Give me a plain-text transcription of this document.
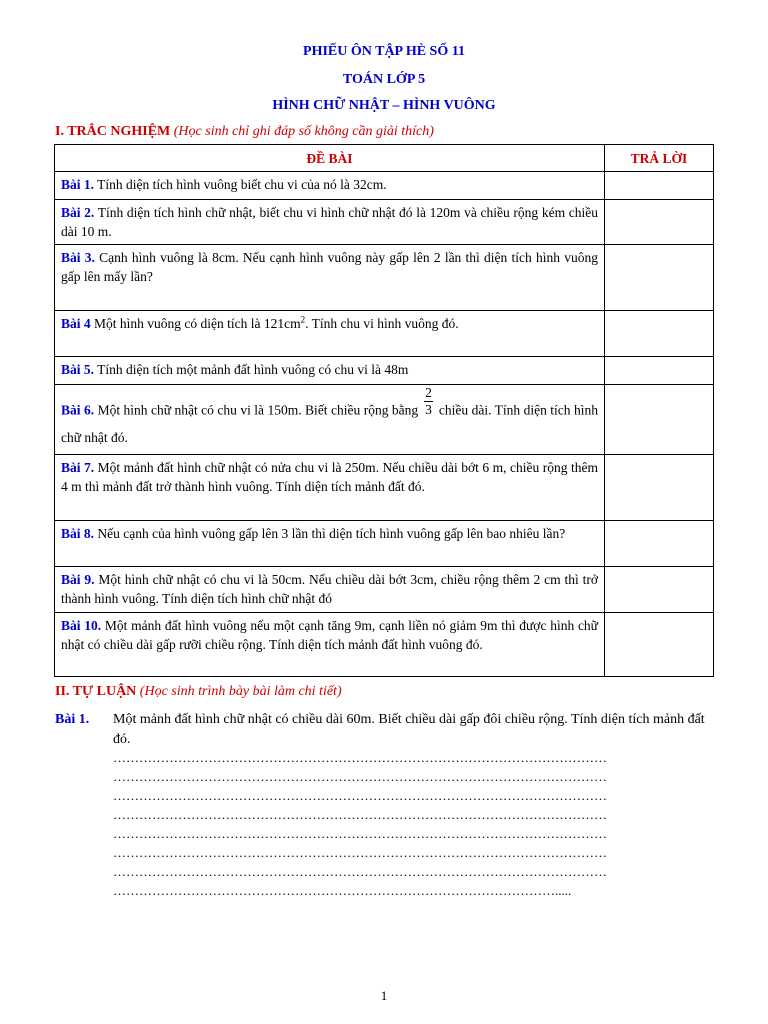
PHIẾU ÔN TẬP HÈ SỐ 11
TOÁN LỚP 5
HÌNH CHỮ NHẬT – HÌNH VUÔNG
I. TRẮC NGHIỆM (Học sinh chỉ ghi đáp số không cần giải thích)
ĐỀ BÀI	TRẢ LỜI
Bài 1. Tính diện tích hình vuông biết chu vi của nó là 32cm.	
Bài 2. Tính diện tích hình chữ nhật, biết chu vi hình chữ nhật đó là 120m và chiều rộng kém chiều dài 10 m.	
Bài 3. Cạnh hình vuông là 8cm. Nếu cạnh hình vuông này gấp lên 2 lần thì diện tích hình vuông gấp lên mấy lần?	
Bài 4 Một hình vuông có diện tích là $121cm^2$. Tính chu vi hình vuông đó.	
Bài 5. Tính diện tích một mảnh đất hình vuông có chu vi là 48m	
Bài 6. Một hình chữ nhật có chu vi là 150m. Biết chiều rộng bằng $\frac{2}{3}$ chiều dài. Tính diện tích hình chữ nhật đó.	
Bài 7. Một mảnh đất hình chữ nhật có nửa chu vi là 250m. Nếu chiều dài bớt 6 m, chiều rộng thêm 4 m thì mảnh đất trở thành hình vuông. Tính diện tích mảnh đất đó.	
Bài 8. Nếu cạnh của hình vuông gấp lên 3 lần thì diện tích hình vuông gấp lên bao nhiêu lần?	
Bài 9. Một hình chữ nhật có chu vi là 50cm. Nếu chiều dài bớt 3cm, chiều rộng thêm 2 cm thì trở thành hình vuông. Tính diện tích hình chữ nhật đó	
Bài 10. Một mảnh đất hình vuông nếu một cạnh tăng 9m, cạnh liền nó giảm 9m thì được hình chữ nhật có chiều dài gấp rưỡi chiều rộng. Tính diện tích mảnh đất hình vuông đó.	
II. TỰ LUẬN (Học sinh trình bày bài làm chi tiết)
Bài 1. Một mảnh đất hình chữ nhật có chiều dài 60m. Biết chiều dài gấp đôi chiều rộng. Tính diện tích mảnh đất đó.
……………………………………………………………………………………………………
……………………………………………………………………………………………………
……………………………………………………………………………………………………
……………………………………………………………………………………………………
……………………………………………………………………………………………………
……………………………………………………………………………………………………
……………………………………………………………………………………………………
………………………………………………………………………………………….....
1
